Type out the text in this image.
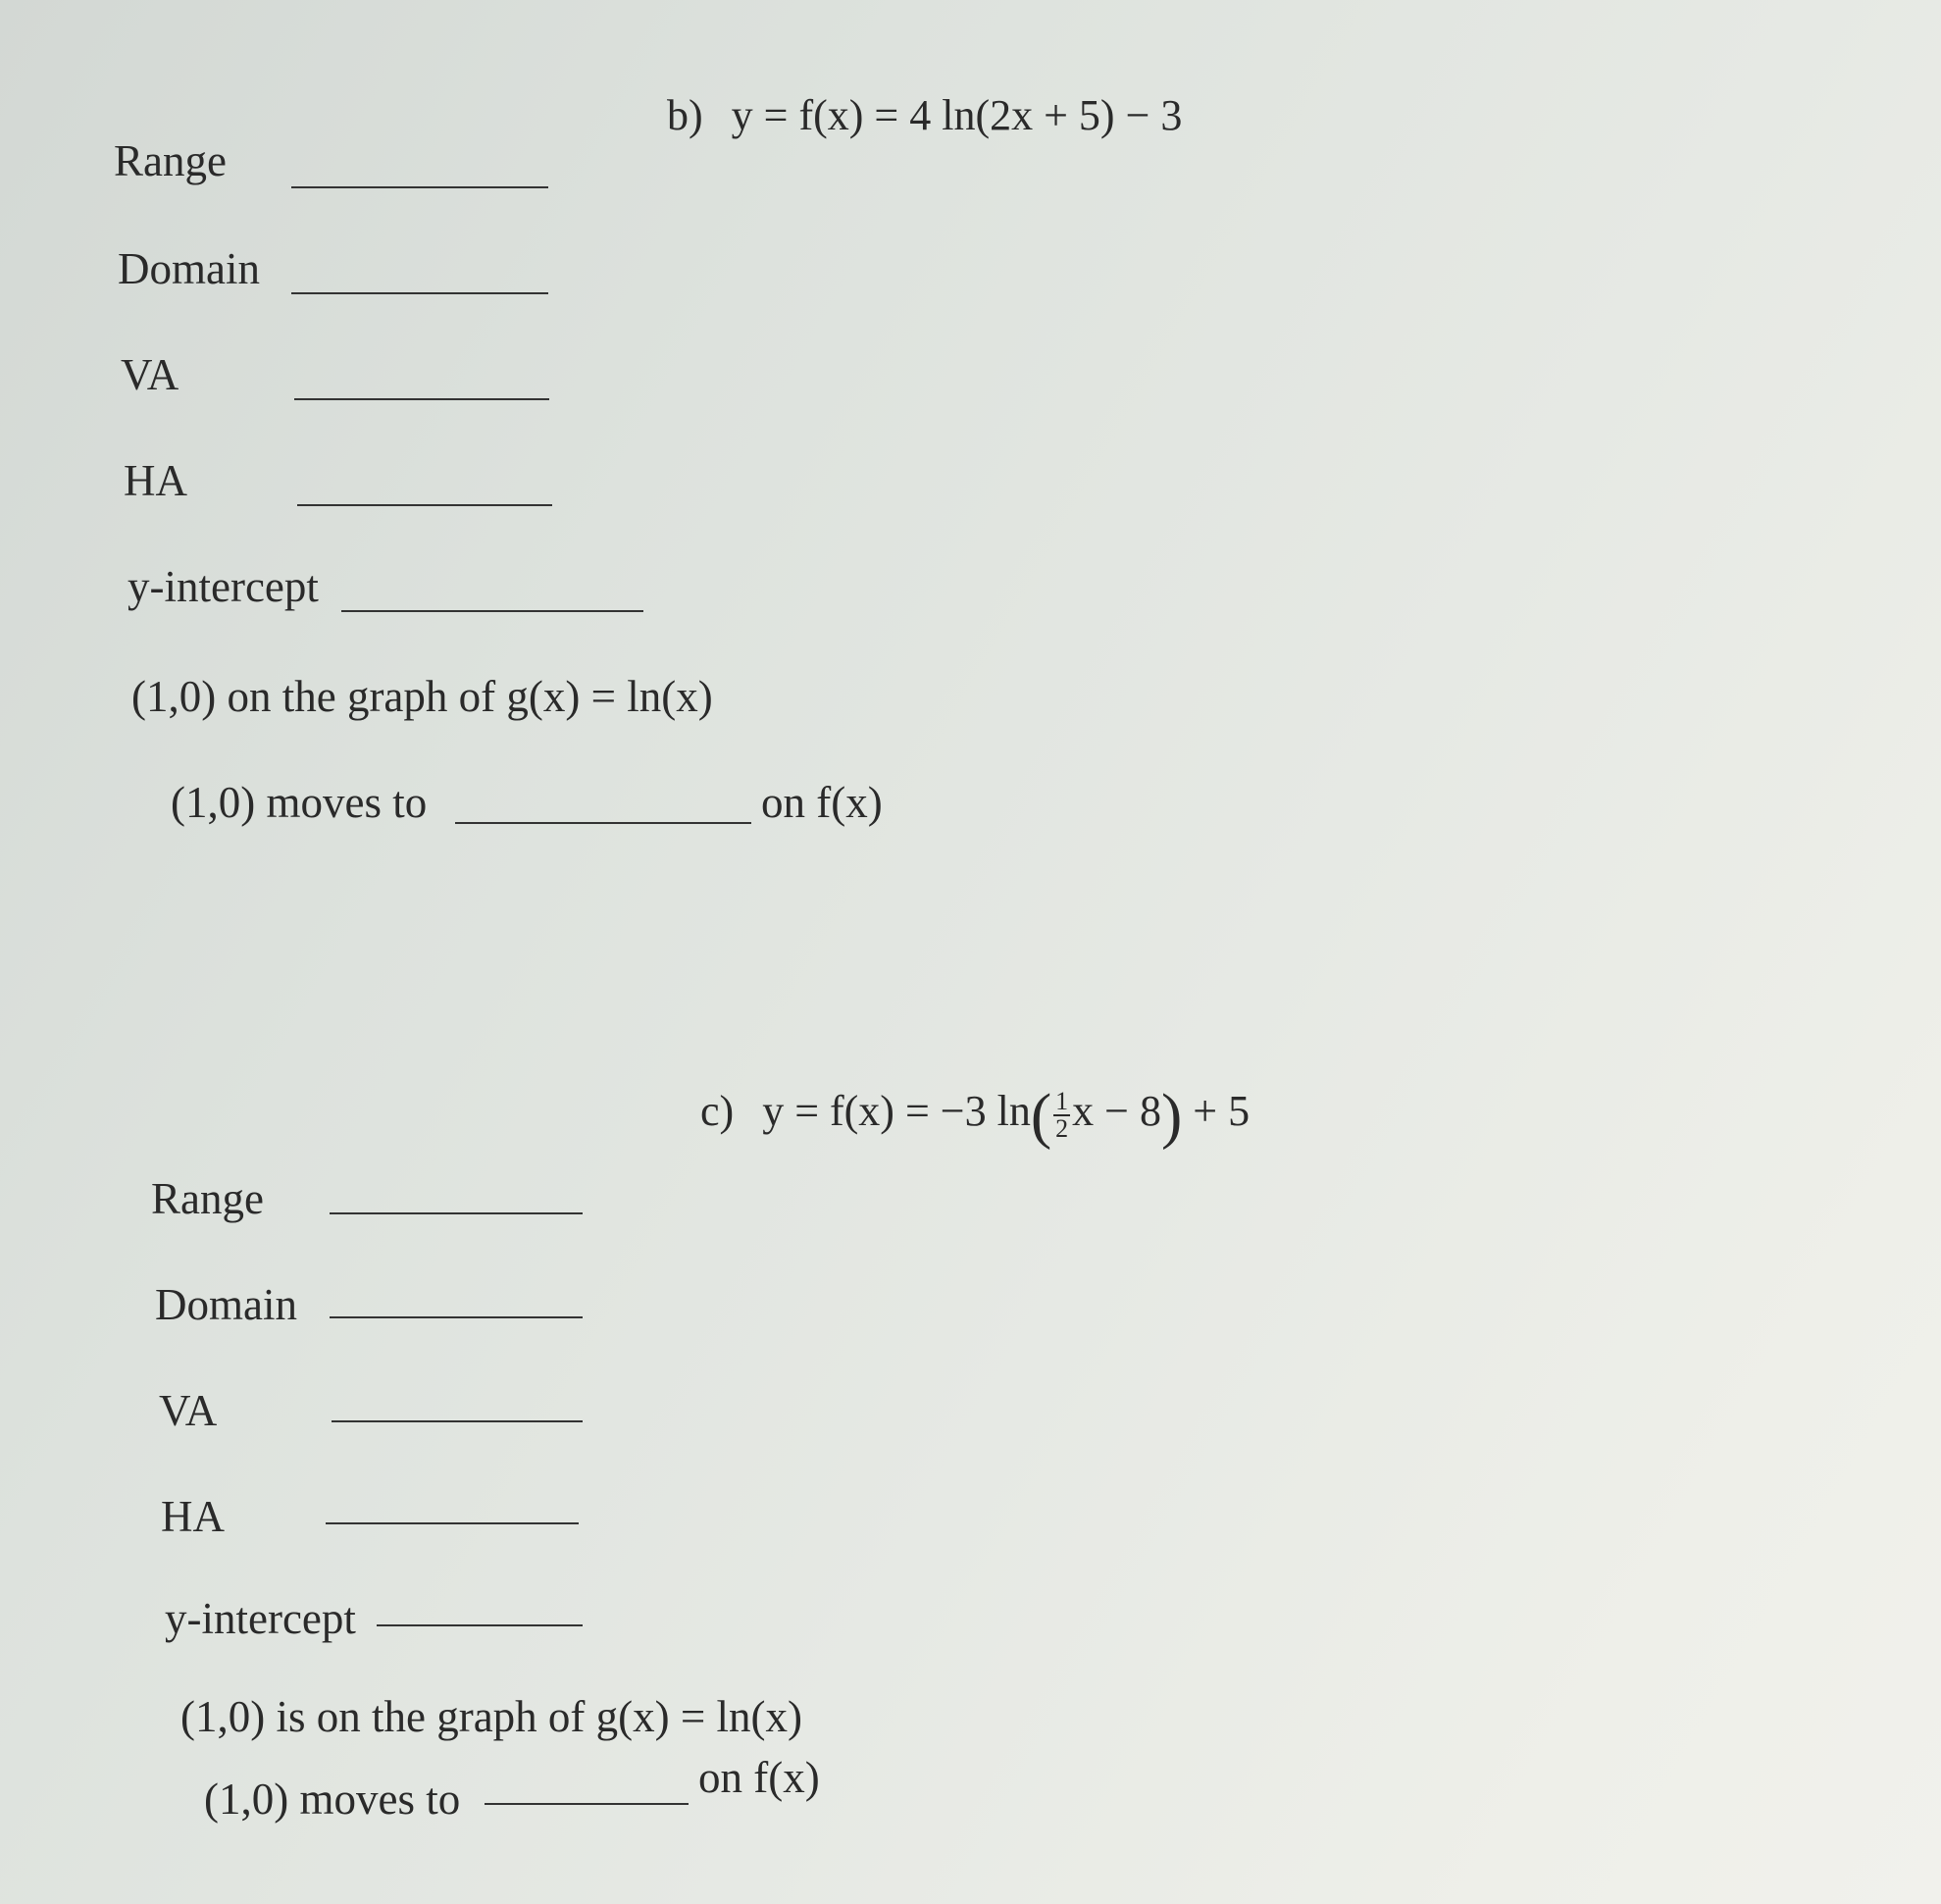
b) y = f(x) = 4 ln(2x + 5) − 3
Range
Domain
VA
HA
y-intercept
(1,0) on the graph of g(x) = ln(x)
(1,0) moves to	on f(x)
c) y = f(x) = −3 $\ln( \frac{1}{2}$ x − 8) + 5
Range
Domain
VA
HA
y-intercept
(1,0) is on the graph of g(x) = ln(x)
(1,0) moves to	on f(x)
